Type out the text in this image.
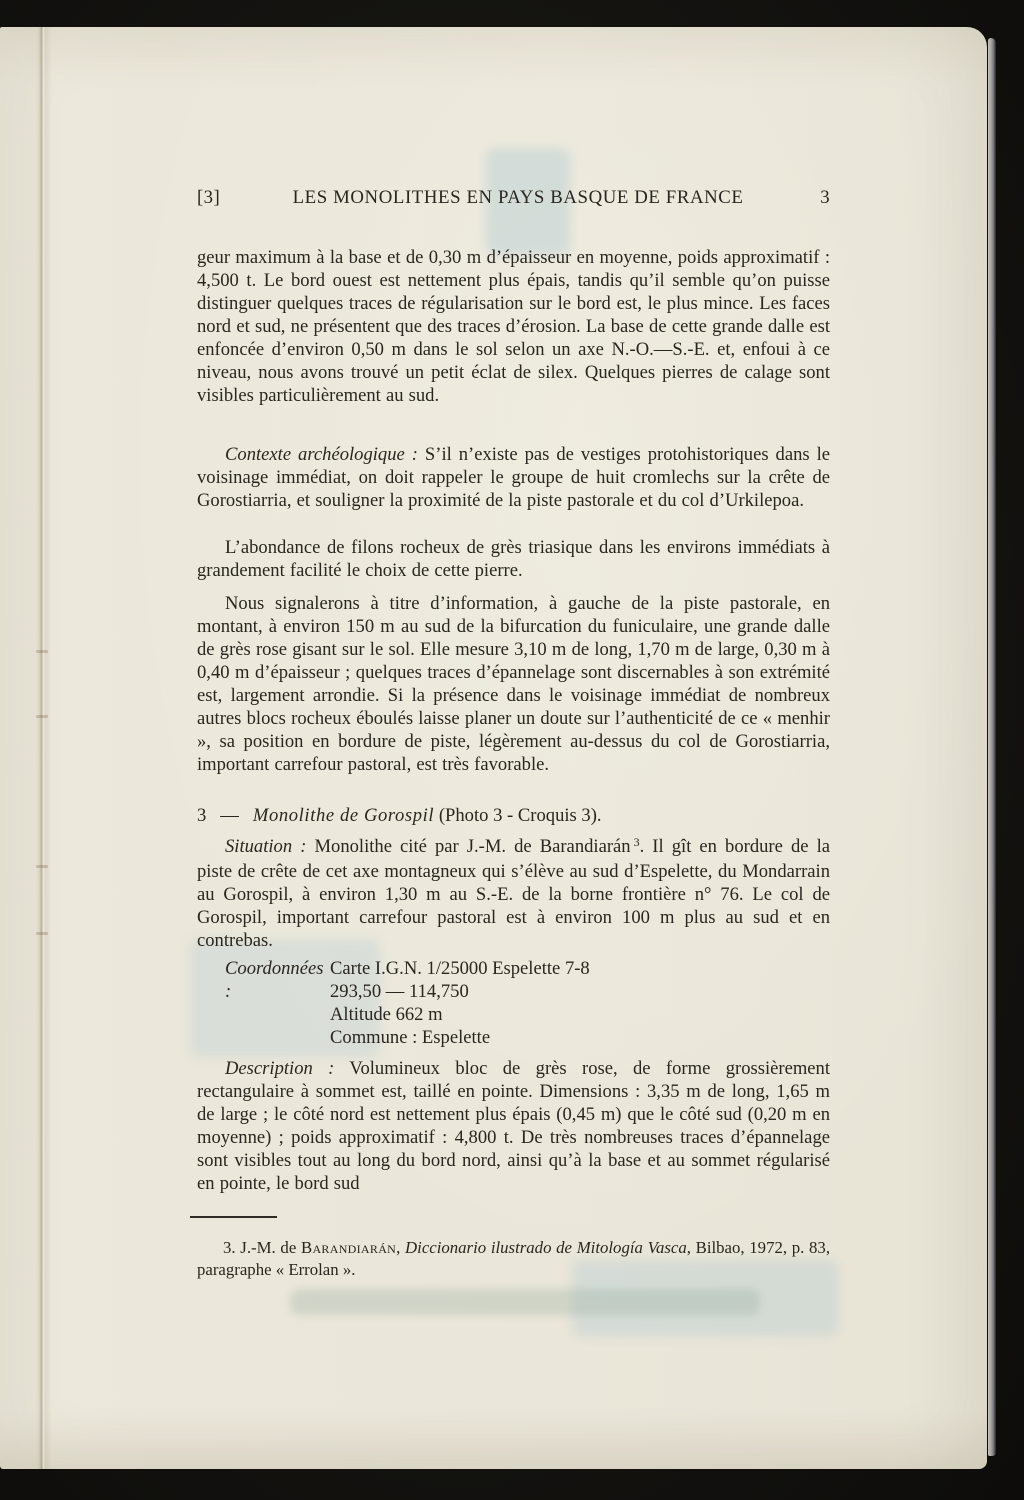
[3]	LES MONOLITHES EN PAYS BASQUE DE FRANCE	3

geur maximum à la base et de 0,30 m d’épaisseur en moyenne, poids approximatif : 4,500 t. Le bord ouest est nettement plus épais, tandis qu’il semble qu’on puisse distinguer quelques traces de régularisation sur le bord est, le plus mince. Les faces nord et sud, ne présentent que des traces d’érosion. La base de cette grande dalle est enfoncée d’environ 0,50 m dans le sol selon un axe N.-O.—S.-E. et, enfoui à ce niveau, nous avons trouvé un petit éclat de silex. Quelques pierres de calage sont visibles particulièrement au sud.

Contexte archéologique : S’il n’existe pas de vestiges protohistoriques dans le voisinage immédiat, on doit rappeler le groupe de huit cromlechs sur la crête de Gorostiarria, et souligner la proximité de la piste pastorale et du col d’Urkilepoa.

L’abondance de filons rocheux de grès triasique dans les environs immédiats à grandement facilité le choix de cette pierre.

Nous signalerons à titre d’information, à gauche de la piste pastorale, en montant, à environ 150 m au sud de la bifurcation du funiculaire, une grande dalle de grès rose gisant sur le sol. Elle mesure 3,10 m de long, 1,70 m de large, 0,30 m à 0,40 m d’épaisseur ; quelques traces d’épannelage sont discernables à son extrémité est, largement arrondie. Si la présence dans le voisinage immédiat de nombreux autres blocs rocheux éboulés laisse planer un doute sur l’authenticité de ce « menhir », sa position en bordure de piste, légèrement au-dessus du col de Gorostiarria, important carrefour pastoral, est très favorable.

3 — Monolithe de Gorospil (Photo 3 - Croquis 3).

Situation : Monolithe cité par J.-M. de Barandiarán $^3$. Il gît en bordure de la piste de crête de cet axe montagneux qui s’élève au sud d’Espelette, du Mondarrain au Gorospil, à environ 1,30 m au S.-E. de la borne frontière n° 76. Le col de Gorospil, important carrefour pastoral est à environ 100 m plus au sud et en contrebas.

Coordonnées :
Carte I.G.N. 1/25000 Espelette 7-8
293,50 — 114,750
Altitude 662 m
Commune : Espelette

Description : Volumineux bloc de grès rose, de forme grossièrement rectangulaire à sommet est, taillé en pointe. Dimensions : 3,35 m de long, 1,65 m de large ; le côté nord est nettement plus épais (0,45 m) que le côté sud (0,20 m en moyenne) ; poids approximatif : 4,800 t. De très nombreuses traces d’épannelage sont visibles tout au long du bord nord, ainsi qu’à la base et au sommet régularisé en pointe, le bord sud

3. J.-M. de Barandiarán, Diccionario ilustrado de Mitología Vasca, Bilbao, 1972, p. 83, paragraphe « Errolan ».
